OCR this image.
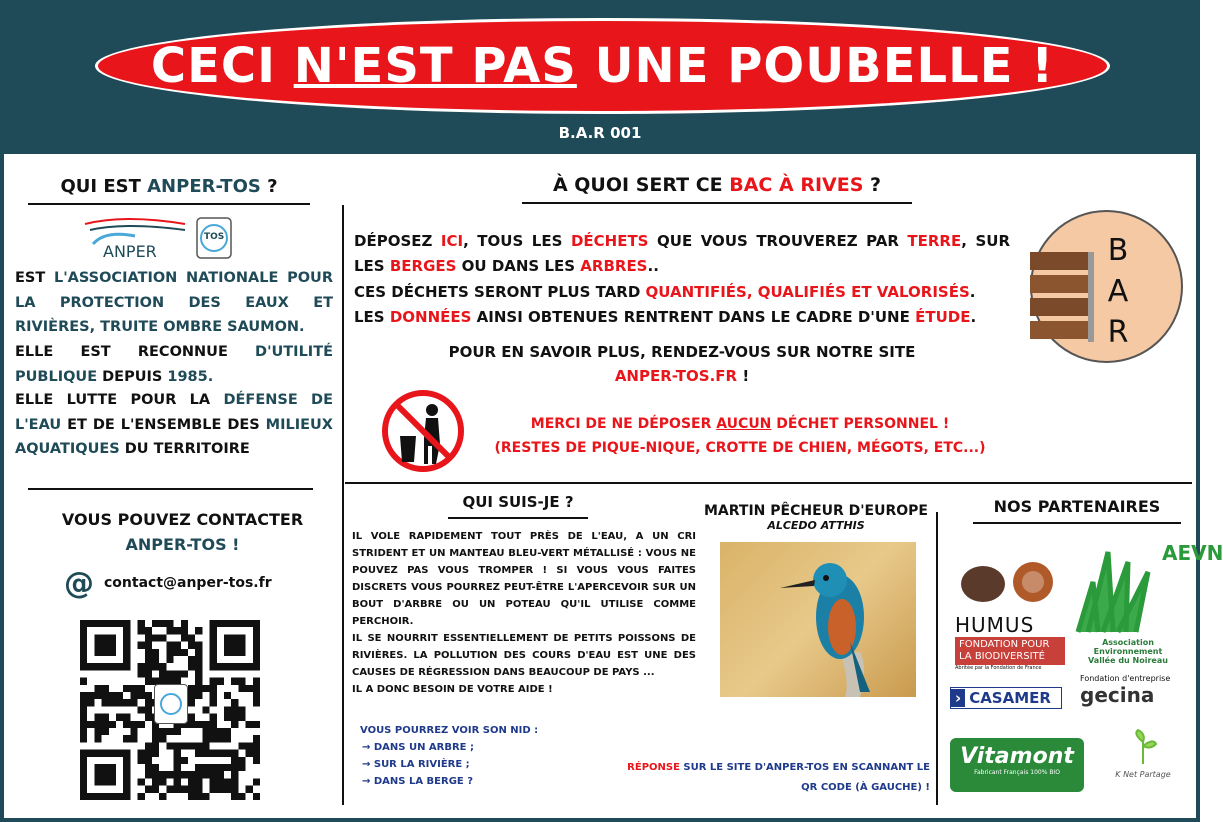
CECI N'EST PAS UNE POUBELLE !
B.A.R 001
QUI EST ANPER-TOS ?
ANPER
TOS
EST L'ASSOCIATION NATIONALE POUR LA PROTECTION DES EAUX ET RIVIÈRES, TRUITE OMBRE SAUMON.
ELLE EST RECONNUE D'UTILITÉ PUBLIQUE DEPUIS 1985.
ELLE LUTTE POUR LA DÉFENSE DE L'EAU ET DE L'ENSEMBLE DES MILIEUX AQUATIQUES DU TERRITOIRE
VOUS POUVEZ CONTACTER
ANPER-TOS !
@ contact@anper-tos.fr
À QUOI SERT CE BAC À RIVES ?
DÉPOSEZ ICI, TOUS LES DÉCHETS QUE VOUS TROUVEREZ PAR TERRE, SUR LES BERGES OU DANS LES ARBRES..
CES DÉCHETS SERONT PLUS TARD QUANTIFIÉS, QUALIFIÉS ET VALORISÉS.
LES DONNÉES AINSI OBTENUES RENTRENT DANS LE CADRE D'UNE ÉTUDE.
B
A
R
POUR EN SAVOIR PLUS, RENDEZ-VOUS SUR NOTRE SITE
ANPER-TOS.FR !
MERCI DE NE DÉPOSER AUCUN DÉCHET PERSONNEL !
(RESTES DE PIQUE-NIQUE, CROTTE DE CHIEN, MÉGOTS, ETC...)
QUI SUIS-JE ?
IL VOLE RAPIDEMENT TOUT PRÈS DE L'EAU, A UN CRI STRIDENT ET UN MANTEAU BLEU-VERT MÉTALLISÉ : VOUS NE POUVEZ PAS VOUS TROMPER ! SI VOUS VOUS FAITES DISCRETS VOUS POURREZ PEUT-ÊTRE L'APERCEVOIR SUR UN BOUT D'ARBRE OU UN POTEAU QU'IL UTILISE COMME PERCHOIR.
IL SE NOURRIT ESSENTIELLEMENT DE PETITS POISSONS DE RIVIÈRES. LA POLLUTION DES COURS D'EAU EST UNE DES CAUSES DE RÉGRESSION DANS BEAUCOUP DE PAYS ...
IL A DONC BESOIN DE VOTRE AIDE !
VOUS POURREZ VOIR SON NID :
→ DANS UN ARBRE ;
→ SUR LA RIVIÈRE ;
→ DANS LA BERGE ?
MARTIN PÊCHEUR D'EUROPE
ALCEDO ATTHIS
RÉPONSE SUR LE SITE D'ANPER-TOS EN SCANNANT LE
QR CODE (À GAUCHE) !
NOS PARTENAIRES
HUMUS
FONDATION POUR
LA BIODIVERSITÉ
Abritée par la Fondation de France
AEVN
Association Environnement
Vallée du Noireau
› CASAMER
Fondation d'entreprise
gecina
Vitamont
Fabricant Français 100% BIO	K Net Partage
